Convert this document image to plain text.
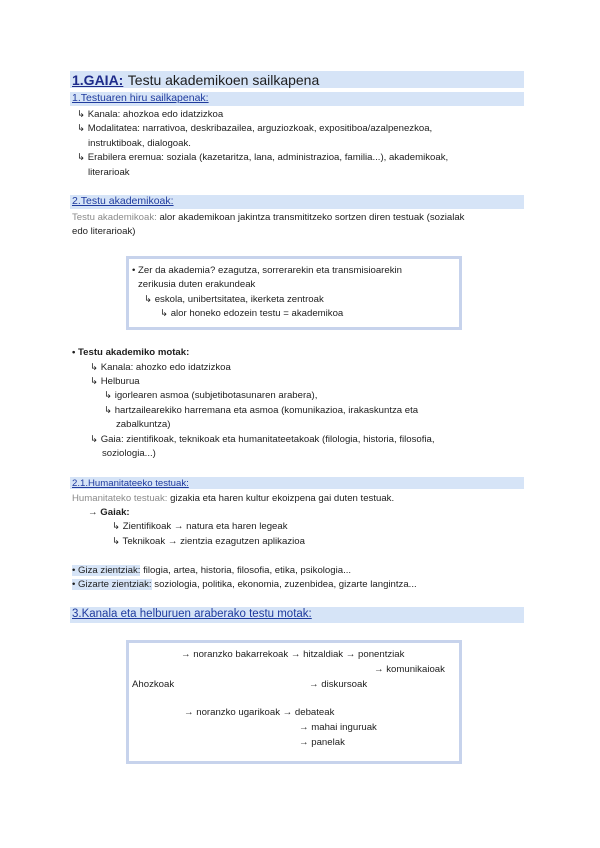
1.GAIA: Testu akademikoen sailkapena
1.Testuaren hiru sailkapenak:
↳ Kanala: ahozkoa edo idatzizkoa
↳ Modalitatea: narrativoa, deskribazailea, arguziozkoak, expositiboa/azalpenezkoa,
instruktiboak, dialogoak.
↳ Erabilera eremua: soziala (kazetaritza, lana, administrazioa, familia...), akademikoak,
literarioak
2.Testu akademikoak:
Testu akademikoak: alor akademikoan jakintza transmititzeko sortzen diren testuak (sozialak
edo literarioak)
• Zer da akademia? ezagutza, sorrerarekin eta transmisioarekin
zerikusia duten erakundeak
↳ eskola, unibertsitatea, ikerketa zentroak
↳ alor honeko edozein testu = akademikoa
• Testu akademiko motak:
↳ Kanala: ahozko edo idatzizkoa
↳ Helburua
↳ igorlearen asmoa (subjetibotasunaren arabera),
↳ hartzailearekiko harremana eta asmoa (komunikazioa, irakaskuntza eta
zabalkuntza)
↳ Gaia: zientifikoak, teknikoak eta humanitateetakoak (filologia, historia, filosofia,
soziologia...)
2.1.Humanitateeko testuak:
Humanitateko testuak: gizakia eta haren kultur ekoizpena gai duten testuak.
→ Gaiak:
↳ Zientifikoak → natura eta haren legeak
↳ Teknikoak → zientzia ezagutzen aplikazioa
• Giza zientziak: filogia, artea, historia, filosofia, etika, psikologia...
• Gizarte zientziak: soziologia, politika, ekonomia, zuzenbidea, gizarte langintza...
3.Kanala eta helburuen araberako testu motak:
→ noranzko bakarrekoak → hitzaldiak → ponentziak
→ komunikaioak
Ahozkoak	→ diskursoak
→ noranzko ugarikoak → debateak
→ mahai inguruak
→ panelak
